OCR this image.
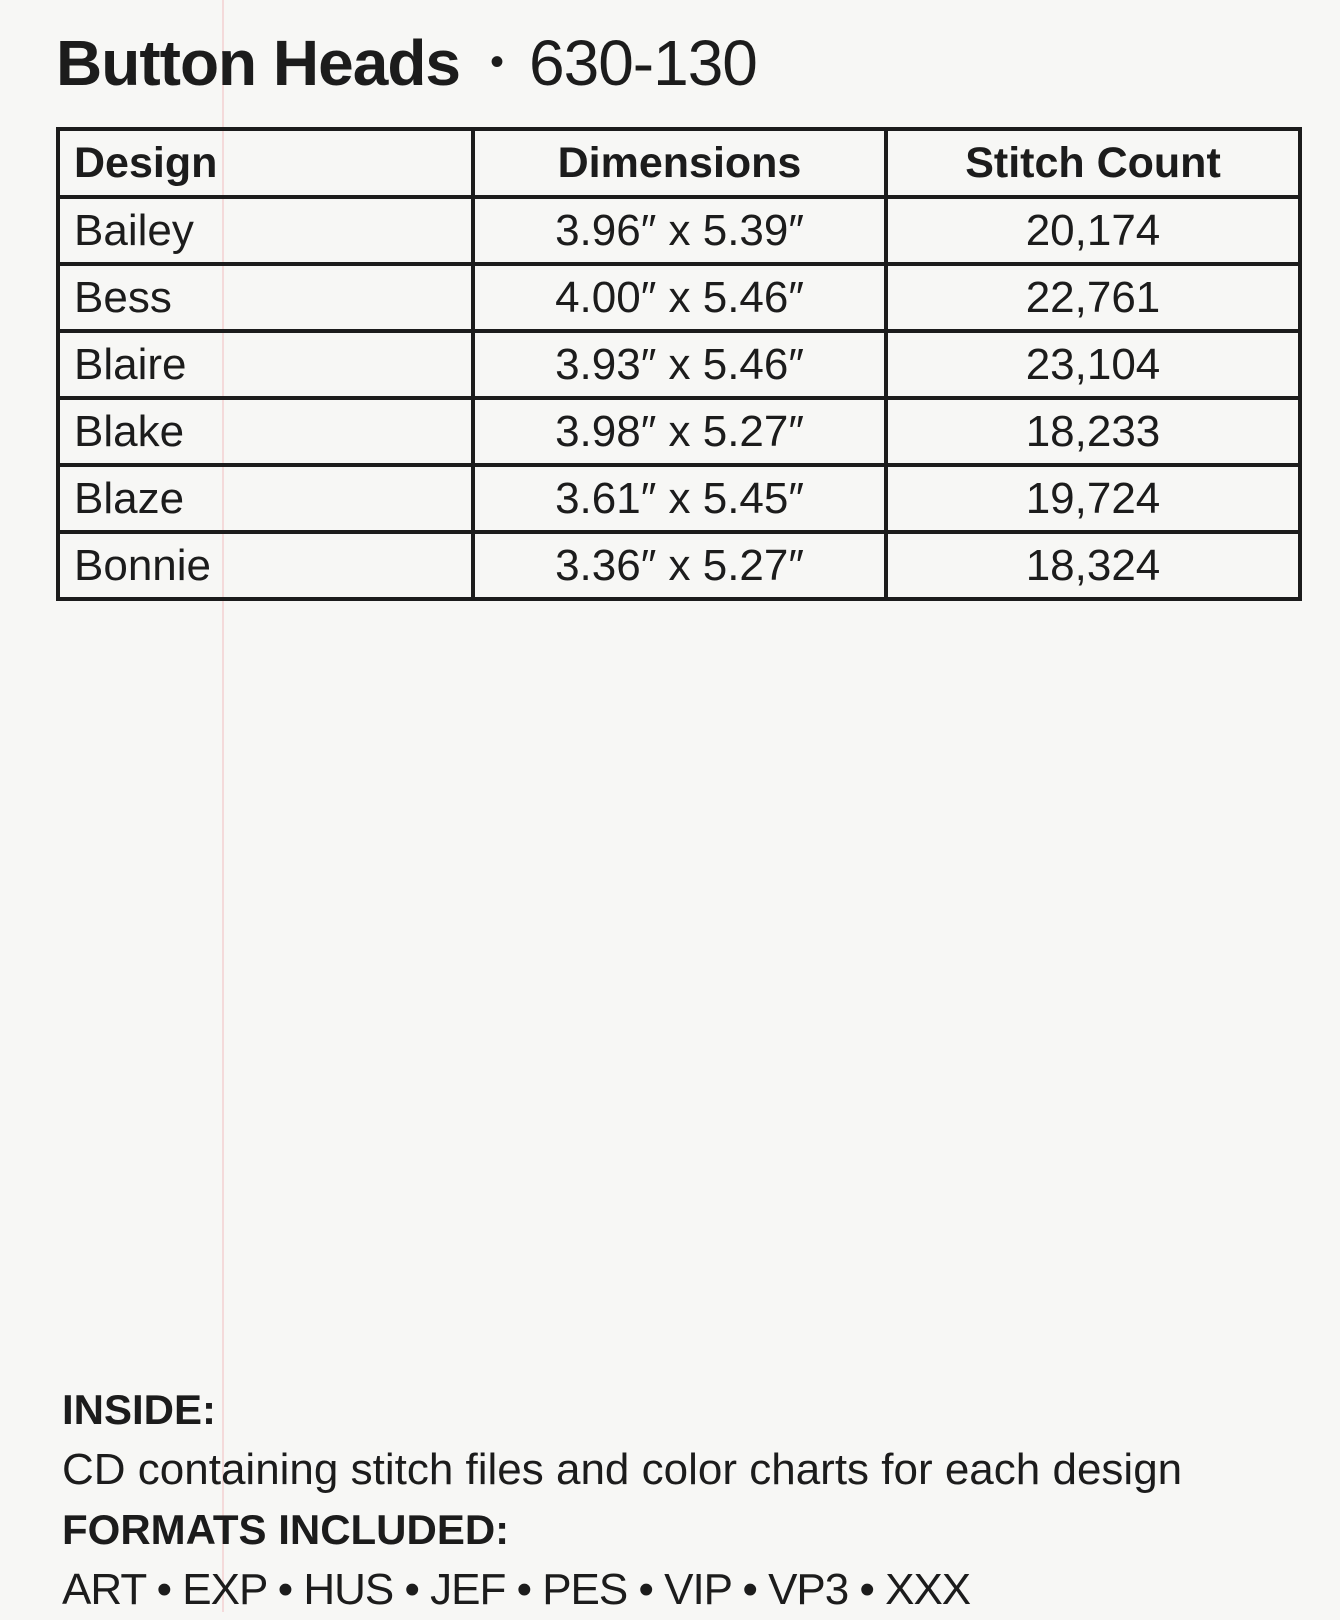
Button Heads • 630-130
Design	Dimensions	Stitch Count
Bailey	3.96″ x 5.39″	20,174
Bess	4.00″ x 5.46″	22,761
Blaire	3.93″ x 5.46″	23,104
Blake	3.98″ x 5.27″	18,233
Blaze	3.61″ x 5.45″	19,724
Bonnie	3.36″ x 5.27″	18,324
INSIDE:
CD containing stitch files and color charts for each design
FORMATS INCLUDED:
ART • EXP • HUS • JEF • PES • VIP • VP3 • XXX
